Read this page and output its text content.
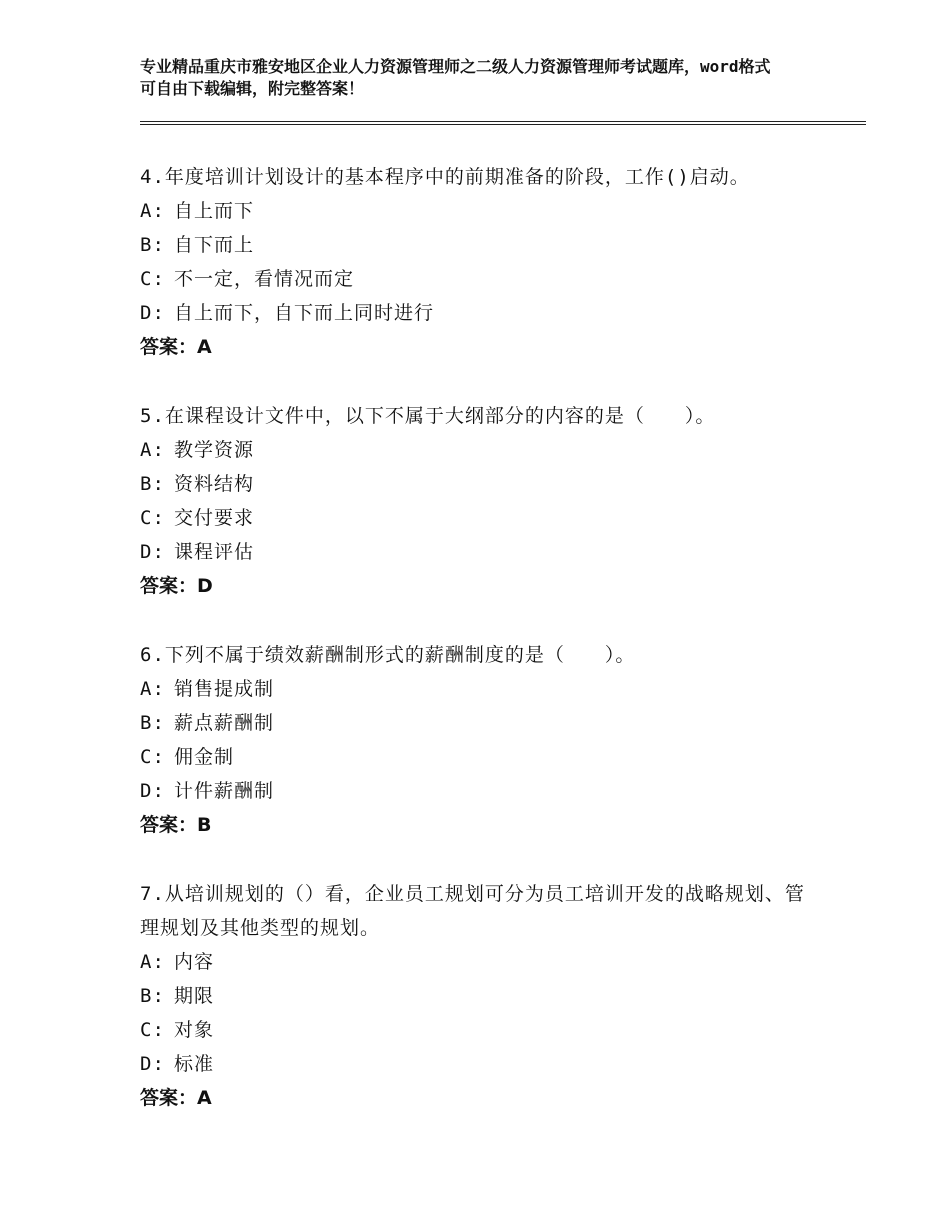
专业精品重庆市雅安地区企业人力资源管理师之二级人力资源管理师考试题库，word格式可自由下载编辑，附完整答案！
4.年度培训计划设计的基本程序中的前期准备的阶段，工作()启动。
A: 自上而下
B: 自下而上
C: 不一定，看情况而定
D: 自上而下，自下而上同时进行
答案：A
5.在课程设计文件中，以下不属于大纲部分的内容的是（　　）。
A: 教学资源
B: 资料结构
C: 交付要求
D: 课程评估
答案：D
6.下列不属于绩效薪酬制形式的薪酬制度的是（　　）。
A: 销售提成制
B: 薪点薪酬制
C: 佣金制
D: 计件薪酬制
答案：B
7.从培训规划的（）看，企业员工规划可分为员工培训开发的战略规划、管理规划及其他类型的规划。
A: 内容
B: 期限
C: 对象
D: 标准
答案：A
